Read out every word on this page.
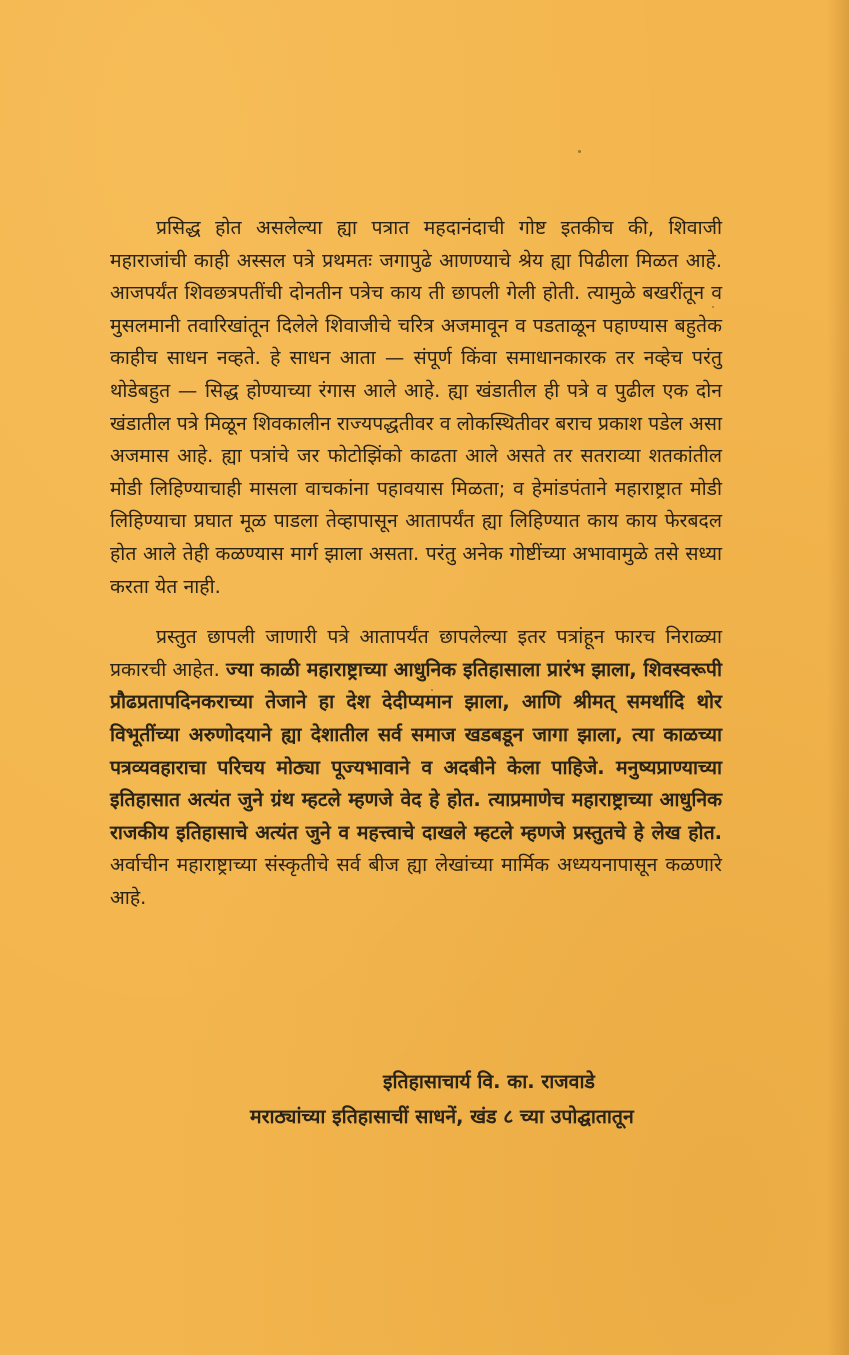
प्रसिद्ध होत असलेल्या ह्या पत्रात महदानंदाची गोष्ट इतकीच की, शिवाजी महाराजांची काही अस्सल पत्रे प्रथमतः जगापुढे आणण्याचे श्रेय ह्या पिढीला मिळत आहे. आजपर्यंत शिवछत्रपतींची दोनतीन पत्रेच काय ती छापली गेली होती. त्यामुळे बखरींतून व मुसलमानी तवारिखांतून दिलेले शिवाजीचे चरित्र अजमावून व पडताळून पहाण्यास बहुतेक काहीच साधन नव्हते. हे साधन आता — संपूर्ण किंवा समाधानकारक तर नव्हेच परंतु थोडेबहुत — सिद्ध होण्याच्या रंगास आले आहे. ह्या खंडातील ही पत्रे व पुढील एक दोन खंडातील पत्रे मिळून शिवकालीन राज्यपद्धतीवर व लोकस्थितीवर बराच प्रकाश पडेल असा अजमास आहे. ह्या पत्रांचे जर फोटोझिंको काढता आले असते तर सतराव्या शतकांतील मोडी लिहिण्याचाही मासला वाचकांना पहावयास मिळता; व हेमांडपंताने महाराष्ट्रात मोडी लिहिण्याचा प्रघात मूळ पाडला तेव्हापासून आतापर्यंत ह्या लिहिण्यात काय काय फेरबदल होत आले तेही कळण्यास मार्ग झाला असता. परंतु अनेक गोष्टींच्या अभावामुळे तसे सध्या करता येत नाही.

प्रस्तुत छापली जाणारी पत्रे आतापर्यंत छापलेल्या इतर पत्रांहून फारच निराळ्या प्रकारची आहेत. ज्या काळी महाराष्ट्राच्या आधुनिक इतिहासाला प्रारंभ झाला, शिवस्वरूपी प्रौढप्रतापदिनकराच्या तेजाने हा देश देदीप्यमान झाला, आणि श्रीमत् समर्थादि थोर विभूतींच्या अरुणोदयाने ह्या देशातील सर्व समाज खडबडून जागा झाला, त्या काळच्या पत्रव्यवहाराचा परिचय मोठ्या पूज्यभावाने व अदबीने केला पाहिजे. मनुष्यप्राण्याच्या इतिहासात अत्यंत जुने ग्रंथ म्हटले म्हणजे वेद हे होत. त्याप्रमाणेच महाराष्ट्राच्या आधुनिक राजकीय इतिहासाचे अत्यंत जुने व महत्त्वाचे दाखले म्हटले म्हणजे प्रस्तुतचे हे लेख होत. अर्वाचीन महाराष्ट्राच्या संस्कृतीचे सर्व बीज ह्या लेखांच्या मार्मिक अध्ययनापासून कळणारे आहे.

इतिहासाचार्य वि. का. राजवाडे
मराठ्यांच्या इतिहासाचीं साधनें, खंड ८ च्या उपोद्घातातून
